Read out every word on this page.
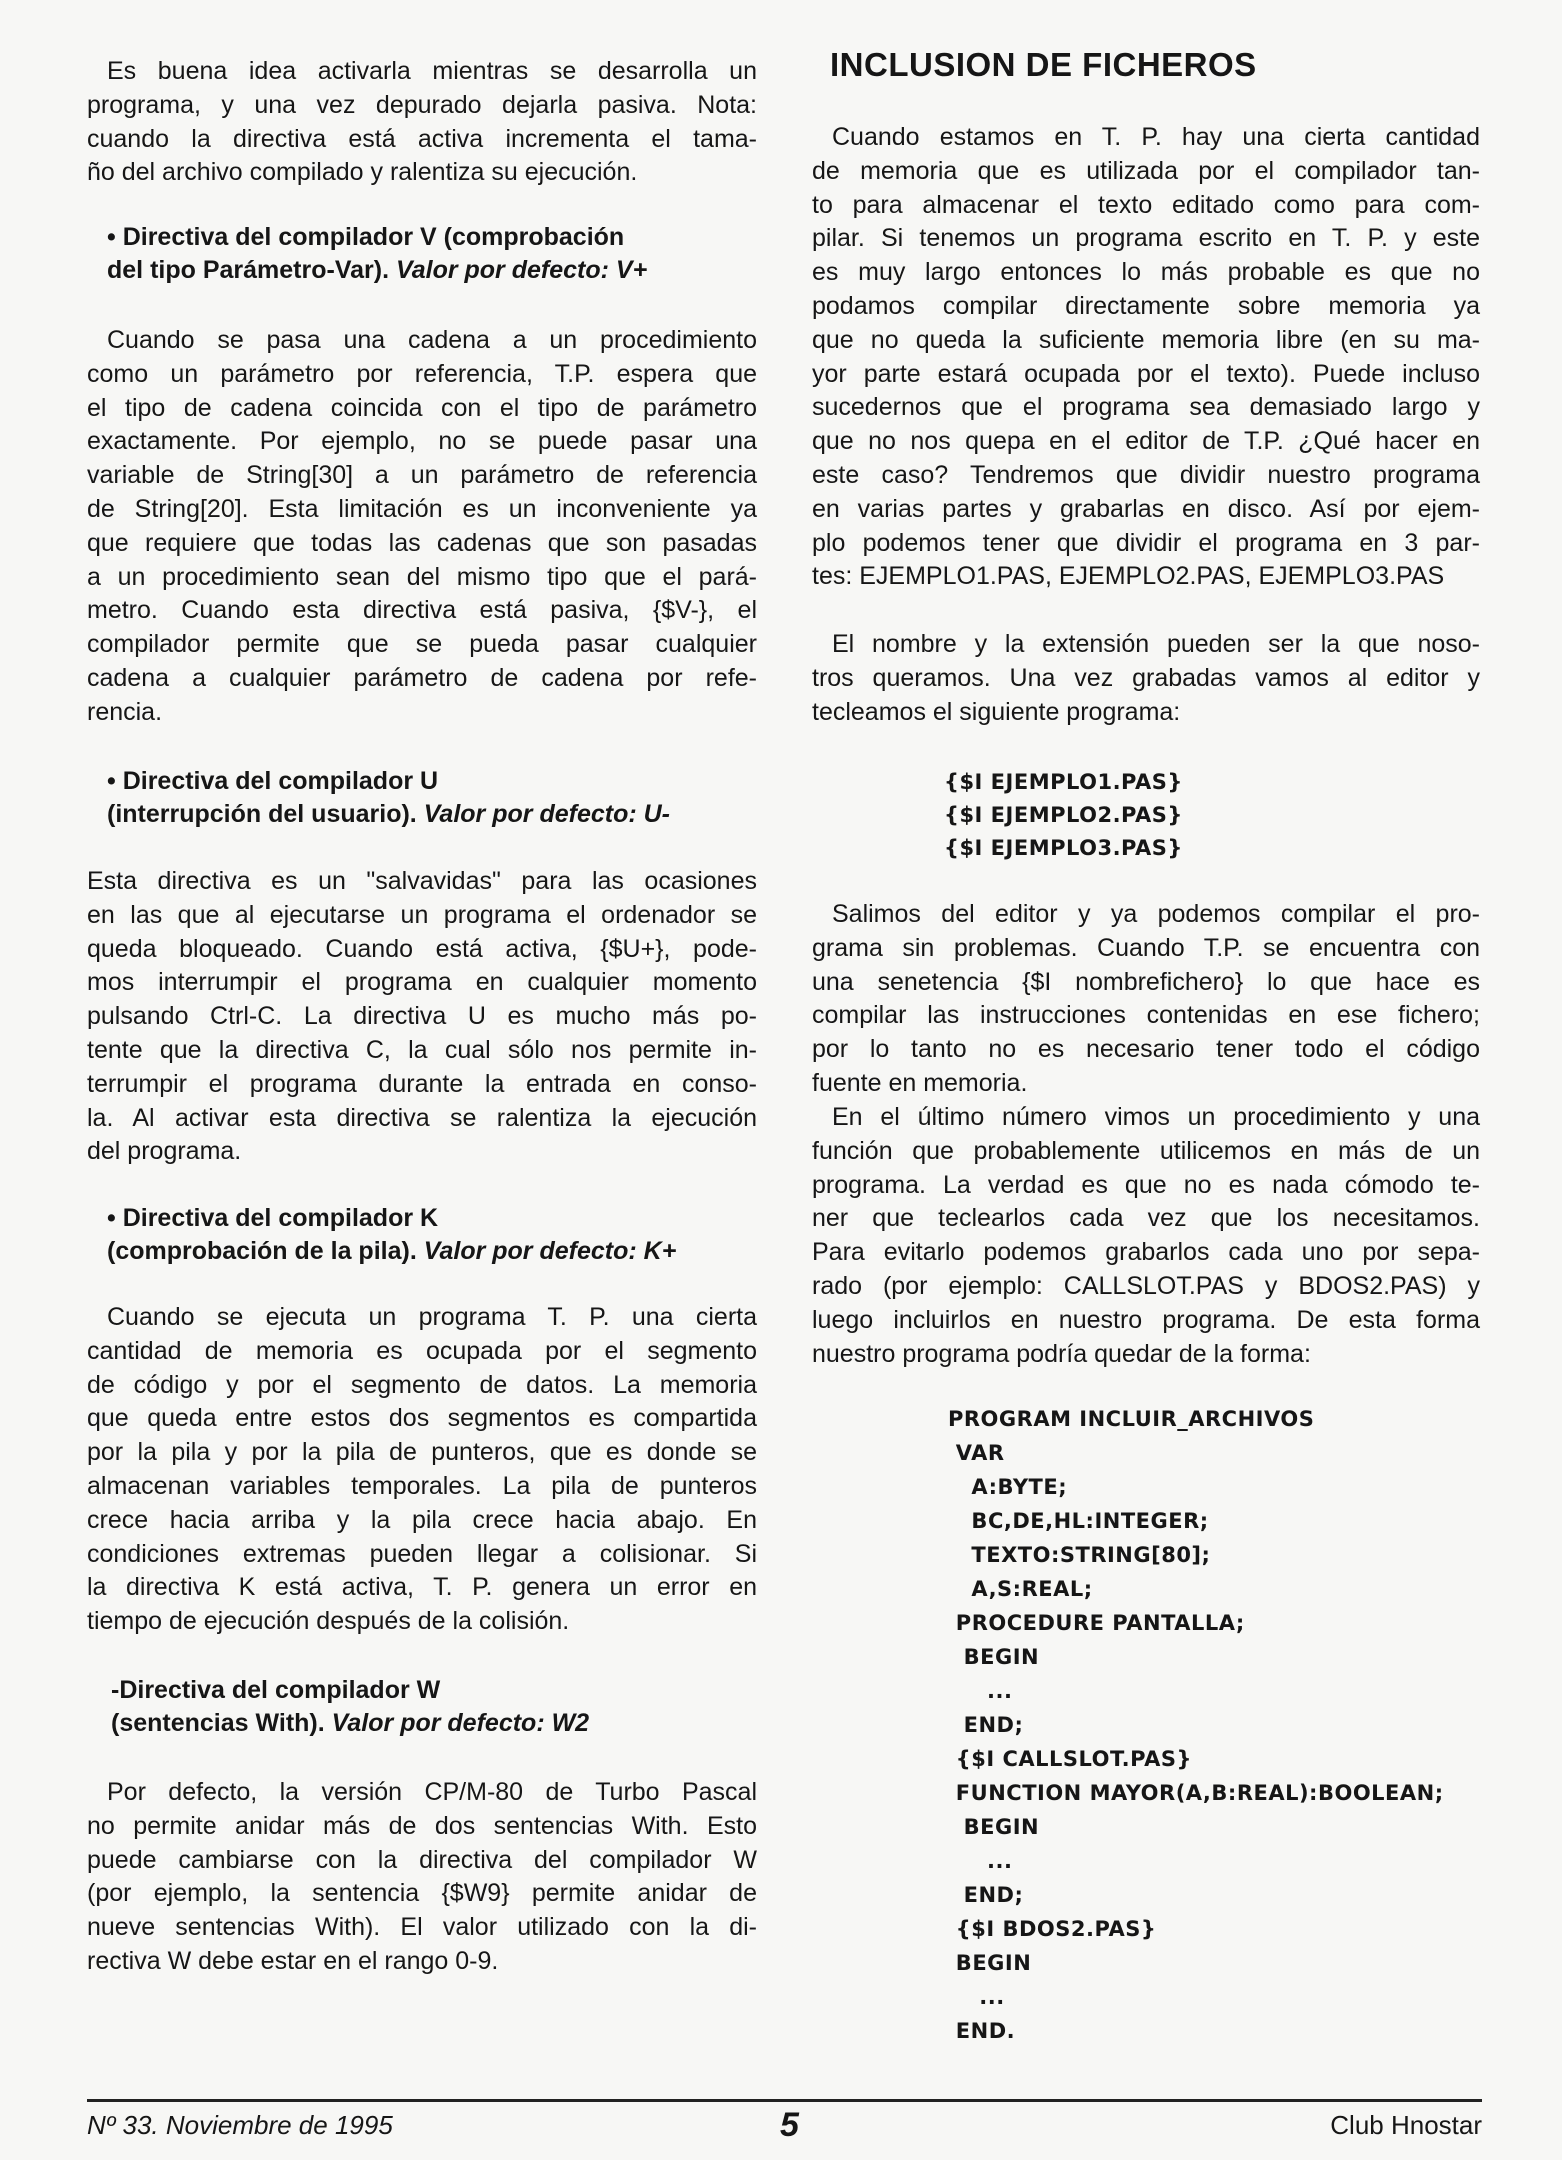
Es buena idea activarla mientras se desarrolla un
programa, y una vez depurado dejarla pasiva. Nota:
cuando la directiva está activa incrementa el tama-
ño del archivo compilado y ralentiza su ejecución.
• Directiva del compilador V (comprobación
del tipo Parámetro-Var). Valor por defecto: V+
Cuando se pasa una cadena a un procedimiento
como un parámetro por referencia, T.P. espera que
el tipo de cadena coincida con el tipo de parámetro
exactamente. Por ejemplo, no se puede pasar una
variable de String[30] a un parámetro de referencia
de String[20]. Esta limitación es un inconveniente ya
que requiere que todas las cadenas que son pasadas
a un procedimiento sean del mismo tipo que el pará-
metro. Cuando esta directiva está pasiva, {$V-}, el
compilador permite que se pueda pasar cualquier
cadena a cualquier parámetro de cadena por refe-
rencia.
• Directiva del compilador U
(interrupción del usuario). Valor por defecto: U-
Esta directiva es un "salvavidas" para las ocasiones
en las que al ejecutarse un programa el ordenador se
queda bloqueado. Cuando está activa, {$U+}, pode-
mos interrumpir el programa en cualquier momento
pulsando Ctrl-C. La directiva U es mucho más po-
tente que la directiva C, la cual sólo nos permite in-
terrumpir el programa durante la entrada en conso-
la. Al activar esta directiva se ralentiza la ejecución
del programa.
• Directiva del compilador K
(comprobación de la pila). Valor por defecto: K+
Cuando se ejecuta un programa T. P. una cierta
cantidad de memoria es ocupada por el segmento
de código y por el segmento de datos. La memoria
que queda entre estos dos segmentos es compartida
por la pila y por la pila de punteros, que es donde se
almacenan variables temporales. La pila de punteros
crece hacia arriba y la pila crece hacia abajo. En
condiciones extremas pueden llegar a colisionar. Si
la directiva K está activa, T. P. genera un error en
tiempo de ejecución después de la colisión.
-Directiva del compilador W
(sentencias With). Valor por defecto: W2
Por defecto, la versión CP/M-80 de Turbo Pascal
no permite anidar más de dos sentencias With. Esto
puede cambiarse con la directiva del compilador W
(por ejemplo, la sentencia {$W9} permite anidar de
nueve sentencias With). El valor utilizado con la di-
rectiva W debe estar en el rango 0-9.
INCLUSION DE FICHEROS
Cuando estamos en T. P. hay una cierta cantidad
de memoria que es utilizada por el compilador tan-
to para almacenar el texto editado como para com-
pilar. Si tenemos un programa escrito en T. P. y este
es muy largo entonces lo más probable es que no
podamos compilar directamente sobre memoria ya
que no queda la suficiente memoria libre (en su ma-
yor parte estará ocupada por el texto). Puede incluso
sucedernos que el programa sea demasiado largo y
que no nos quepa en el editor de T.P. ¿Qué hacer en
este caso? Tendremos que dividir nuestro programa
en varias partes y grabarlas en disco. Así por ejem-
plo podemos tener que dividir el programa en 3 par-
tes: EJEMPLO1.PAS, EJEMPLO2.PAS, EJEMPLO3.PAS
El nombre y la extensión pueden ser la que noso-
tros queramos. Una vez grabadas vamos al editor y
tecleamos el siguiente programa:
{$I EJEMPLO1.PAS}
{$I EJEMPLO2.PAS}
{$I EJEMPLO3.PAS}
Salimos del editor y ya podemos compilar el pro-
grama sin problemas. Cuando T.P. se encuentra con
una senetencia {$I nombrefichero} lo que hace es
compilar las instrucciones contenidas en ese fichero;
por lo tanto no es necesario tener todo el código
fuente en memoria.
En el último número vimos un procedimiento y una
función que probablemente utilicemos en más de un
programa. La verdad es que no es nada cómodo te-
ner que teclearlos cada vez que los necesitamos.
Para evitarlo podemos grabarlos cada uno por sepa-
rado (por ejemplo: CALLSLOT.PAS y BDOS2.PAS) y
luego incluirlos en nuestro programa. De esta forma
nuestro programa podría quedar de la forma:
PROGRAM INCLUIR_ARCHIVOS
VAR
A:BYTE;
BC,DE,HL:INTEGER;
TEXTO:STRING[80];
A,S:REAL;
PROCEDURE PANTALLA;
BEGIN
...
END;
{$I CALLSLOT.PAS}
FUNCTION MAYOR(A,B:REAL):BOOLEAN;
BEGIN
...
END;
{$I BDOS2.PAS}
BEGIN
...
END.
Nº 33. Noviembre de 1995	5	Club Hnostar
